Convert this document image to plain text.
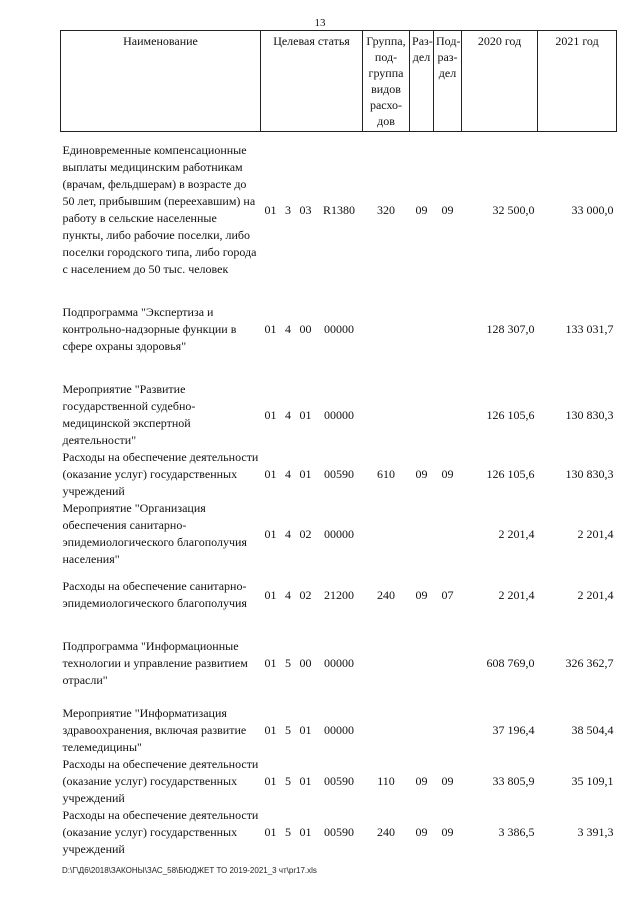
13
Наименование	Целевая статья				Группа, под-группа видов расхо-дов	Раз-дел	Под-раз-дел	2020 год	2021 год

Единовременные компенсационные выплаты медицинским работникам (врачам, фельдшерам) в возрасте до 50 лет, прибывшим (переехавшим) на работу в сельские населенные пункты, либо рабочие поселки, либо поселки городского типа, либо города с населением до 50 тыс. человек	01	3	03	R1380	320	09	09	32 500,0	33 000,0

Подпрограмма "Экспертиза и контрольно-надзорные функции в сфере охраны здоровья"	01	4	00	00000				128 307,0	133 031,7

Мероприятие "Развитие государственной судебно-медицинской экспертной деятельности"	01	4	01	00000				126 105,6	130 830,3
Расходы на обеспечение деятельности (оказание услуг) государственных учреждений	01	4	01	00590	610	09	09	126 105,6	130 830,3
Мероприятие "Организация обеспечения санитарно-эпидемиологического благополучия населения"	01	4	02	00000				2 201,4	2 201,4

Расходы на обеспечение санитарно-эпидемиологического благополучия	01	4	02	21200	240	09	07	2 201,4	2 201,4

Подпрограмма "Информационные технологии и управление развитием отрасли"	01	5	00	00000				608 769,0	326 362,7

Мероприятие "Информатизация здравоохранения, включая развитие телемедицины"	01	5	01	00000				37 196,4	38 504,4
Расходы на обеспечение деятельности (оказание услуг) государственных учреждений	01	5	01	00590	110	09	09	33 805,9	35 109,1
Расходы на обеспечение деятельности (оказание услуг) государственных учреждений	01	5	01	00590	240	09	09	3 386,5	3 391,3
D:\Г\Д6\2018\ЗАКОНЫ\ЗАС_58\БЮДЖЕТ ТО 2019-2021_3 чт\pr17.xls
